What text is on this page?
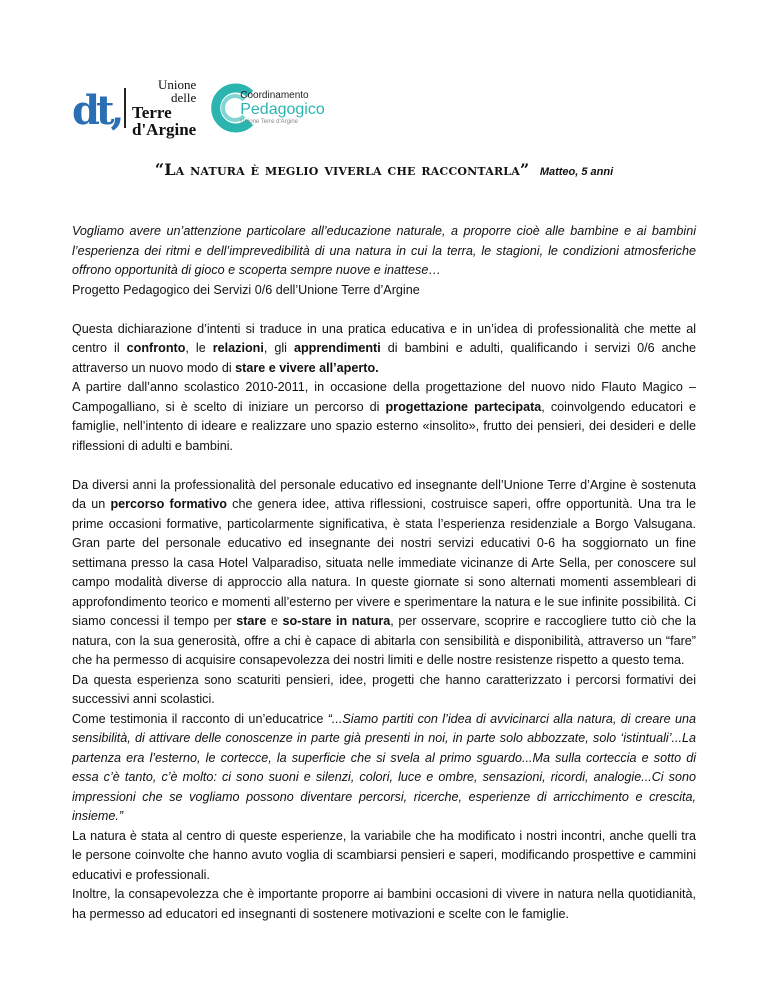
dt,
Unione
delle
Terre
d'Argine
Coordinamento
Pedagogico
Unione Terre d'Argine
“La natura è meglio viverla che raccontarla” Matteo, 5 anni

Vogliamo avere un’attenzione particolare all’educazione naturale, a proporre cioè alle bambine e ai bambini l’esperienza dei ritmi e dell’imprevedibilità di una natura in cui la terra, le stagioni, le condizioni atmosferiche offrono opportunità di gioco e scoperta sempre nuove e inattese…
Progetto Pedagogico dei Servizi 0/6 dell’Unione Terre d’Argine

Questa dichiarazione d’intenti si traduce in una pratica educativa e in un’idea di professionalità che mette al centro il confronto, le relazioni, gli apprendimenti di bambini e adulti, qualificando i servizi 0/6 anche attraverso un nuovo modo di stare e vivere all’aperto.
A partire dall’anno scolastico 2010-2011, in occasione della progettazione del nuovo nido Flauto Magico – Campogalliano, si è scelto di iniziare un percorso di progettazione partecipata, coinvolgendo educatori e famiglie, nell’intento di ideare e realizzare uno spazio esterno «insolito», frutto dei pensieri, dei desideri e delle riflessioni di adulti e bambini.

Da diversi anni la professionalità del personale educativo ed insegnante dell’Unione Terre d’Argine è sostenuta da un percorso formativo che genera idee, attiva riflessioni, costruisce saperi, offre opportunità. Una tra le prime occasioni formative, particolarmente significativa, è stata l’esperienza residenziale a Borgo Valsugana. Gran parte del personale educativo ed insegnante dei nostri servizi educativi 0-6 ha soggiornato un fine settimana presso la casa Hotel Valparadiso, situata nelle immediate vicinanze di Arte Sella, per conoscere sul campo modalità diverse di approccio alla natura. In queste giornate si sono alternati momenti assembleari di approfondimento teorico e momenti all’esterno per vivere e sperimentare la natura e le sue infinite possibilità. Ci siamo concessi il tempo per stare e so-stare in natura, per osservare, scoprire e raccogliere tutto ciò che la natura, con la sua generosità, offre a chi è capace di abitarla con sensibilità e disponibilità, attraverso un “fare” che ha permesso di acquisire consapevolezza dei nostri limiti e delle nostre resistenze rispetto a questo tema.
Da questa esperienza sono scaturiti pensieri, idee, progetti che hanno caratterizzato i percorsi formativi dei successivi anni scolastici.
Come testimonia il racconto di un’educatrice “...Siamo partiti con l’idea di avvicinarci alla natura, di creare una sensibilità, di attivare delle conoscenze in parte già presenti in noi, in parte solo abbozzate, solo ‘istintuali’...La partenza era l’esterno, le cortecce, la superficie che si svela al primo sguardo...Ma sulla corteccia e sotto di essa c’è tanto, c’è molto: ci sono suoni e silenzi, colori, luce e ombre, sensazioni, ricordi, analogie...Ci sono impressioni che se vogliamo possono diventare percorsi, ricerche, esperienze di arricchimento e crescita, insieme.”
La natura è stata al centro di queste esperienze, la variabile che ha modificato i nostri incontri, anche quelli tra le persone coinvolte che hanno avuto voglia di scambiarsi pensieri e saperi, modificando prospettive e cammini educativi e professionali.
Inoltre, la consapevolezza che è importante proporre ai bambini occasioni di vivere in natura nella quotidianità, ha permesso ad educatori ed insegnanti di sostenere motivazioni e scelte con le famiglie.
